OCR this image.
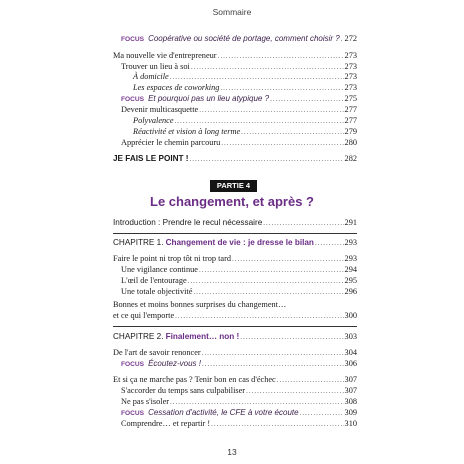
Sommaire
FOCUS Coopérative ou société de portage, comment choisir ? ..... 272
Ma nouvelle vie d'entrepreneur .....	273
Trouver un lieu à soi .....	273
À domicile .....	273
Les espaces de coworking .....	273
FOCUS Et pourquoi pas un lieu atypique ? .....	275
Devenir multicasquette .....	277
Polyvalence .....	277
Réactivité et vision à long terme .....	279
Apprécier le chemin parcouru .....	280
JE FAIS LE POINT ! .....	282
PARTIE 4
Le changement, et après ?
Introduction : Prendre le recul nécessaire .....	291
CHAPITRE 1. Changement de vie : je dresse le bilan .....	293
Faire le point ni trop tôt ni trop tard .....	293
Une vigilance continue .....	294
L'œil de l'entourage .....	295
Une totale objectivité .....	296
Bonnes et moins bonnes surprises du changement…
et ce qui l'emporte .....	300
CHAPITRE 2. Finalement… non ! .....	303
De l'art de savoir renoncer .....	304
FOCUS Écoutez-vous ! .....	306
Et si ça ne marche pas ? Tenir bon en cas d'échec .....	307
S'accorder du temps sans culpabiliser .....	307
Ne pas s'isoler .....	308
FOCUS Cessation d'activité, le CFE à votre écoute .....	309
Comprendre… et repartir ! .....	310
13
